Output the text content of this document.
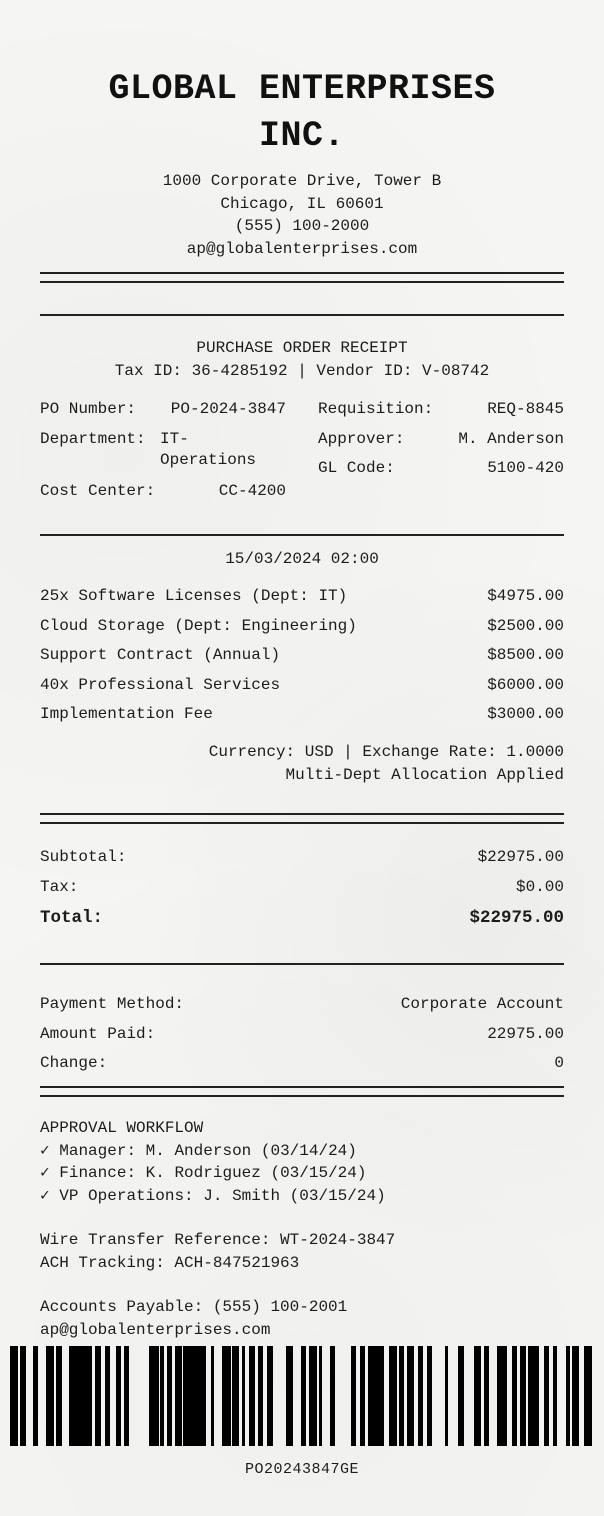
GLOBAL ENTERPRISES
INC.
1000 Corporate Drive, Tower B
Chicago, IL 60601
(555) 100-2000
ap@globalenterprises.com
PURCHASE ORDER RECEIPT
Tax ID: 36-4285192 | Vendor ID: V-08742
PO Number: PO-2024-3847
Department: IT-
Operations
Cost Center:	CC-4200
Requisition:	REQ-8845
Approver:	M. Anderson
GL Code:	5100-420
15/03/2024 02:00
25x Software Licenses (Dept: IT)	$4975.00
Cloud Storage (Dept: Engineering)	$2500.00
Support Contract (Annual)	$8500.00
40x Professional Services	$6000.00
Implementation Fee	$3000.00
Currency: USD | Exchange Rate: 1.0000
Multi-Dept Allocation Applied
Subtotal:	$22975.00
Tax:	$0.00
Total:	$22975.00
Payment Method:	Corporate Account
Amount Paid:	22975.00
Change:	0
APPROVAL WORKFLOW
✓ Manager: M. Anderson (03/14/24)
✓ Finance: K. Rodriguez (03/15/24)
✓ VP Operations: J. Smith (03/15/24)
Wire Transfer Reference: WT-2024-3847
ACH Tracking: ACH-847521963
Accounts Payable: (555) 100-2001
ap@globalenterprises.com
PO20243847GE
